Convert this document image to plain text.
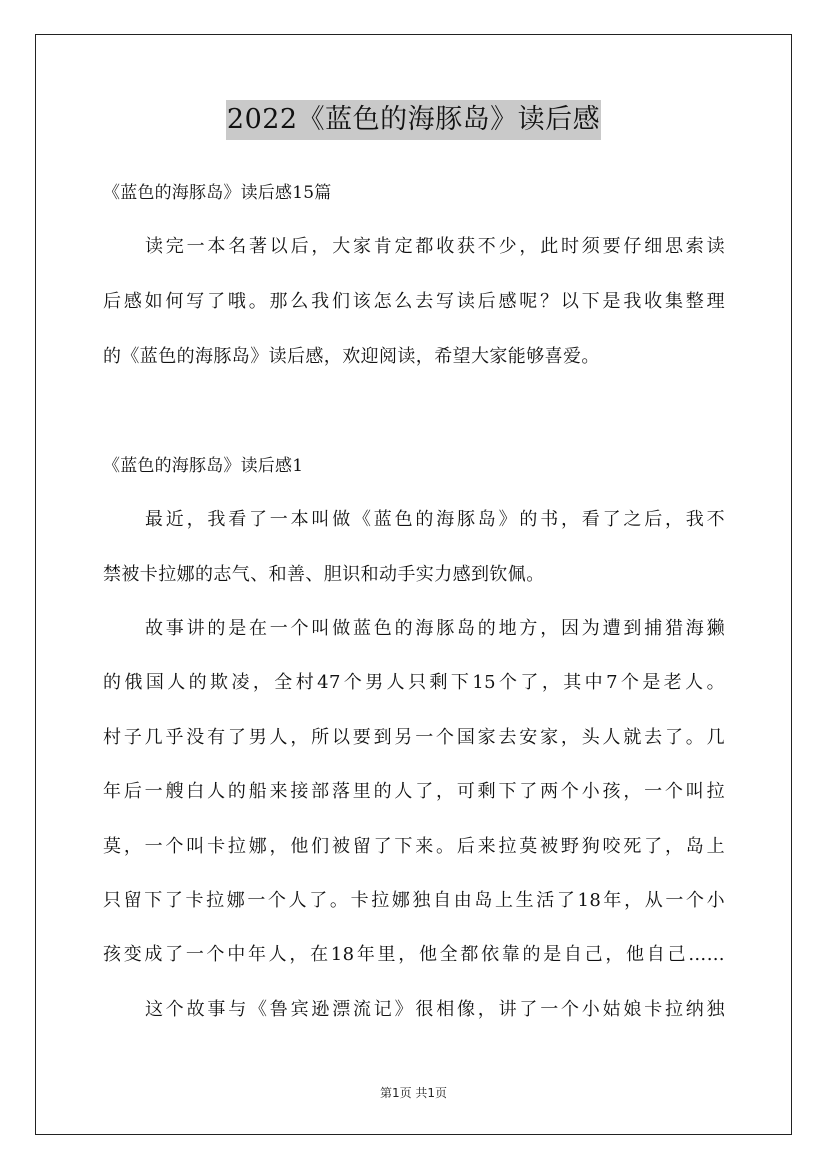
2022《蓝色的海豚岛》读后感
《蓝色的海豚岛》读后感15篇
读完一本名著以后，大家肯定都收获不少，此时须要仔细思索读
后感如何写了哦。那么我们该怎么去写读后感呢？以下是我收集整理
的《蓝色的海豚岛》读后感，欢迎阅读，希望大家能够喜爱。
《蓝色的海豚岛》读后感1
最近，我看了一本叫做《蓝色的海豚岛》的书，看了之后，我不
禁被卡拉娜的志气、和善、胆识和动手实力感到钦佩。
故事讲的是在一个叫做蓝色的海豚岛的地方，因为遭到捕猎海獭
的俄国人的欺凌，全村47个男人只剩下15个了，其中7个是老人。
村子几乎没有了男人，所以要到另一个国家去安家，头人就去了。几
年后一艘白人的船来接部落里的人了，可剩下了两个小孩，一个叫拉
莫，一个叫卡拉娜，他们被留了下来。后来拉莫被野狗咬死了，岛上
只留下了卡拉娜一个人了。卡拉娜独自由岛上生活了18年，从一个小
孩变成了一个中年人，在18年里，他全都依靠的是自己，他自己……
这个故事与《鲁宾逊漂流记》很相像，讲了一个小姑娘卡拉纳独
第1页 共1页
